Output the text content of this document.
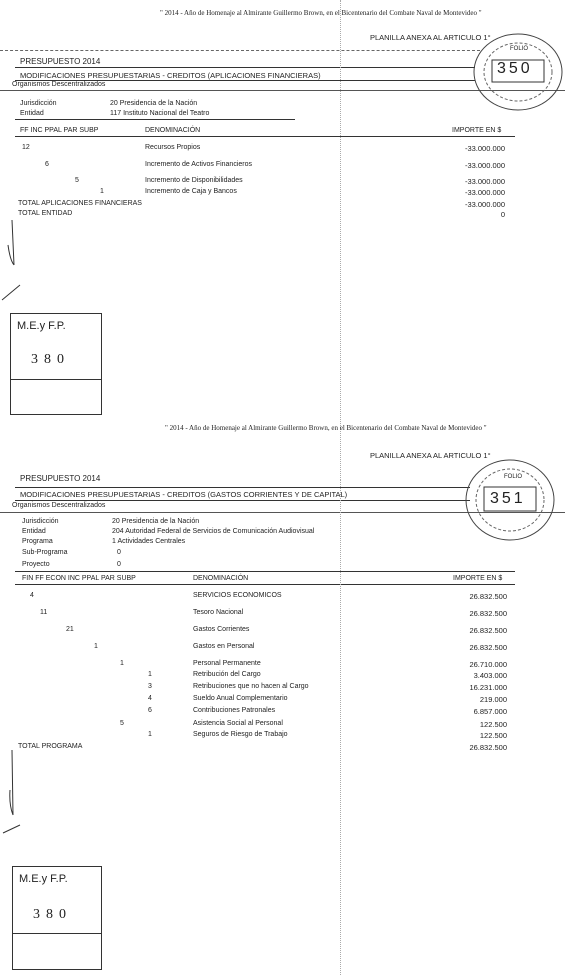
" 2014 - Año de Homenaje al Almirante Guillermo Brown, en el Bicentenario del Combate Naval de Montevideo "
PLANILLA ANEXA AL ARTICULO 1°
PRESUPUESTO 2014
MODIFICACIONES PRESUPUESTARIAS - CREDITOS (APLICACIONES FINANCIERAS)
Organismos Descentralizados
Jurisdicción	20 Presidencia de la Nación
Entidad	117 Instituto Nacional del Teatro
FF INC PPAL PAR SUBP	DENOMINACIÓN	IMPORTE EN $
12	Recursos Propios	-33.000.000
6	Incremento de Activos Financieros	-33.000.000
5	Incremento de Disponibilidades	-33.000.000
1	Incremento de Caja y Bancos	-33.000.000
TOTAL APLICACIONES FINANCIERAS	-33.000.000
TOTAL ENTIDAD	0
M.E.y F.P.
380
FOLIO
350
" 2014 - Año de Homenaje al Almirante Guillermo Brown, en el Bicentenario del Combate Naval de Montevideo "
PLANILLA ANEXA AL ARTICULO 1°
PRESUPUESTO 2014
MODIFICACIONES PRESUPUESTARIAS - CREDITOS (GASTOS CORRIENTES Y DE CAPITAL)
Organismos Descentralizados
Jurisdicción	20 Presidencia de la Nación
Entidad	204 Autoridad Federal de Servicios de Comunicación Audiovisual
Programa	1 Actividades Centrales
Sub-Programa	0
Proyecto	0
FIN FF ECON INC PPAL PAR SUBP	DENOMINACIÓN	IMPORTE EN $
4	SERVICIOS ECONOMICOS	26.832.500
11	Tesoro Nacional	26.832.500
21	Gastos Corrientes	26.832.500
1	Gastos en Personal	26.832.500
1	Personal Permanente	26.710.000
1	Retribución del Cargo	3.403.000
3	Retribuciones que no hacen al Cargo	16.231.000
4	Sueldo Anual Complementario	219.000
6	Contribuciones Patronales	6.857.000
5	Asistencia Social al Personal	122.500
1	Seguros de Riesgo de Trabajo	122.500
TOTAL PROGRAMA	26.832.500
M.E.y F.P.
380
FOLIO
351
